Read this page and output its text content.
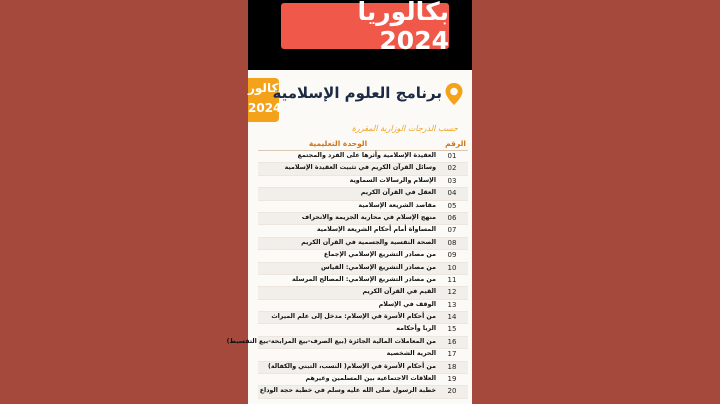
بكالوريا 2024
بكالور
2024
برنامج العلوم الإسلامية
حسب الدرجات الوزارية المقررة
الرقم
الوحدة التعليمية
01
العقيدة الإسلامية وأثرها على الفرد والمجتمع
02
وسائل القرآن الكريم في تثبيت العقيدة الإسلامية
03
الإسلام والرسالات السماوية
04
العقل في القرآن الكريم
05
مقاصد الشريعة الإسلامية
06
منهج الإسلام في محاربة الجريمة والانحراف
07
المساواة أمام أحكام الشريعة الإسلامية
08
الصحة النفسية والجسمية في القرآن الكريم
09
من مصادر التشريع الإسلامي الإجماع
10
من مصادر التشريع الإسلامي: القياس
11
من مصادر التشريع الإسلامي: المصالح المرسلة
12
القيم في القرآن الكريم
13
الوقف في الإسلام
14
من أحكام الأسرة في الإسلام: مدخل إلى علم الميراث
15
الربا وأحكامه
16
من المعاملات المالية الجائزة (بيع الصرف-بيع المرابحة-بيع التقسيط)
17
الحرية الشخصية
18
من أحكام الأسرة في الإسلام( النسب، التبني والكفالة)
19
العلاقات الاجتماعية بين المسلمين وغيرهم
20
خطبة الرسول صلى الله عليه وسلم في خطبة حجة الوداع
